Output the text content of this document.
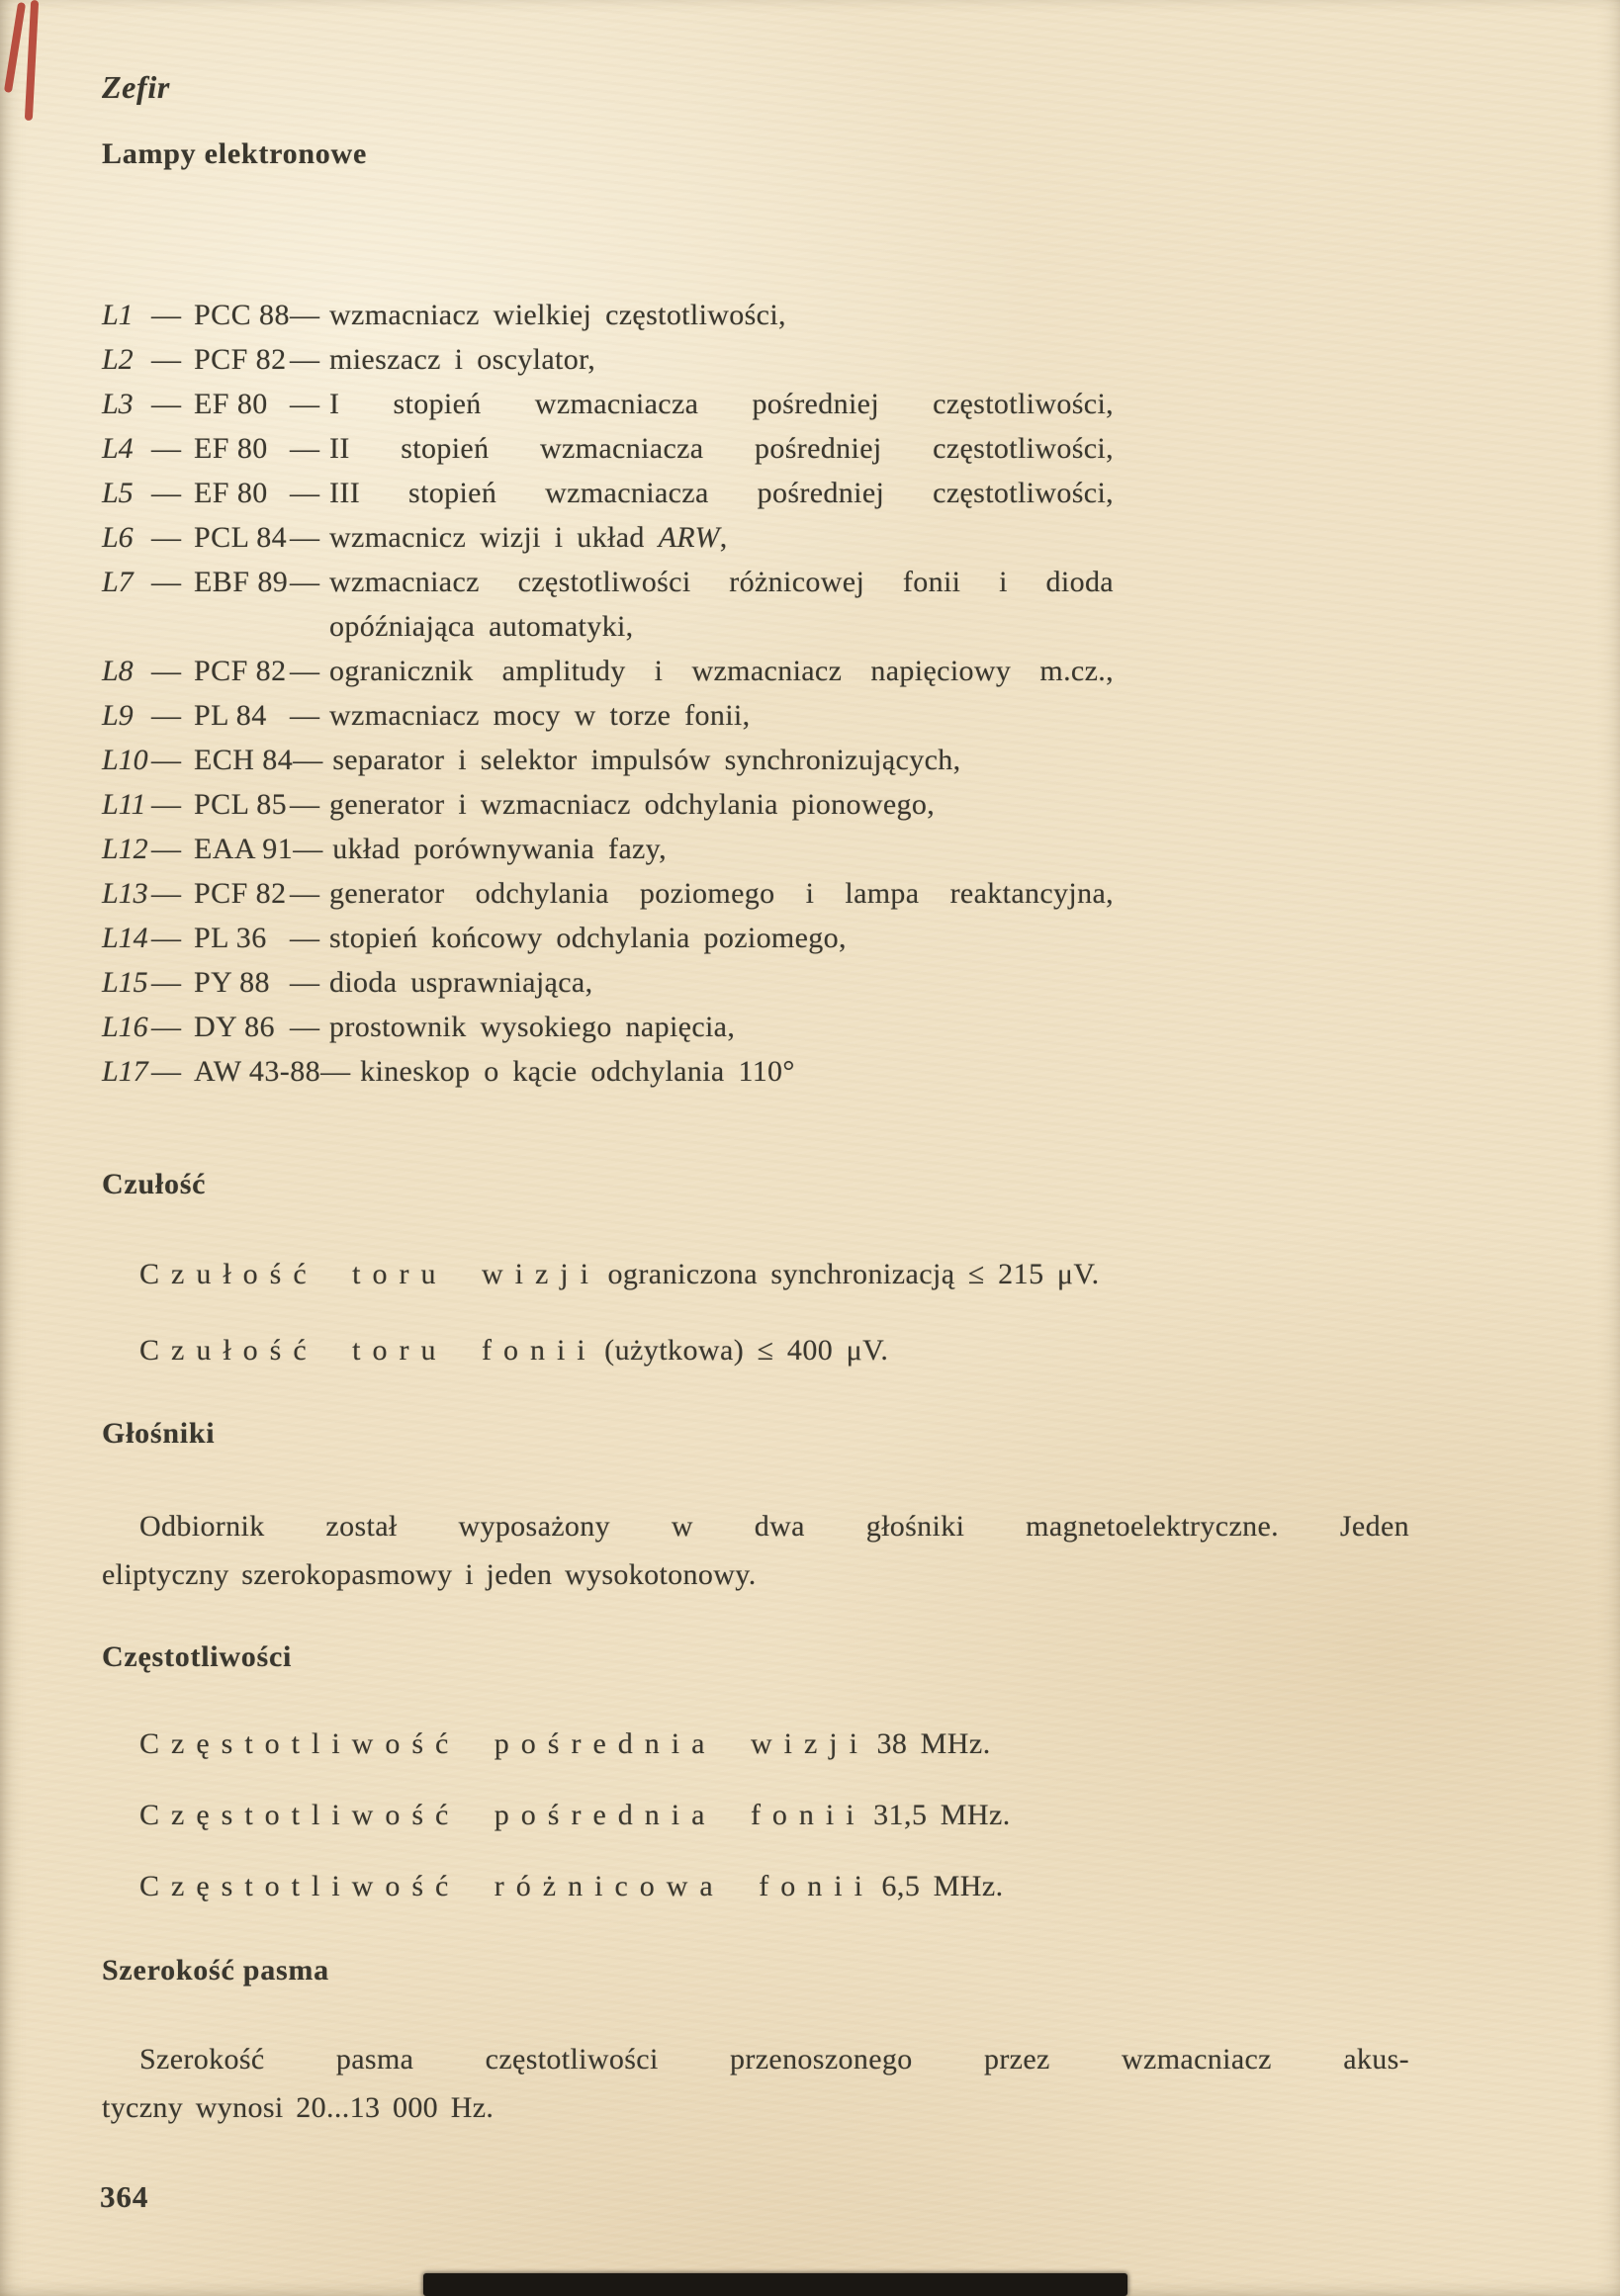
Zefir
Lampy elektronowe
L1 — PCC 88 — wzmacniacz wielkiej częstotliwości,
L2 — PCF 82 — mieszacz i oscylator,
L3 — EF 80 — I stopień wzmacniacza pośredniej częstotliwości,
L4 — EF 80 — II stopień wzmacniacza pośredniej częstotliwości,
L5 — EF 80 — III stopień wzmacniacza pośredniej częstotliwości,
L6 — PCL 84 — wzmacnicz wizji i układ ARW,
L7 — EBF 89 — wzmacniacz częstotliwości różnicowej fonii i dioda
opóźniająca automatyki,
L8 — PCF 82 — ogranicznik amplitudy i wzmacniacz napięciowy m.cz.,
L9 — PL 84 — wzmacniacz mocy w torze fonii,
L10 — ECH 84 — separator i selektor impulsów synchronizujących,
L11 — PCL 85 — generator i wzmacniacz odchylania pionowego,
L12 — EAA 91 — układ porównywania fazy,
L13 — PCF 82 — generator odchylania poziomego i lampa reaktancyjna,
L14 — PL 36 — stopień końcowy odchylania poziomego,
L15 — PY 88 — dioda usprawniająca,
L16 — DY 86 — prostownik wysokiego napięcia,
L17 — AW 43-88 — kineskop o kącie odchylania 110°
Czułość
Czułość toru wizji ograniczona synchronizacją ≤ 215 μV.
Czułość toru fonii (użytkowa) ≤ 400 μV.
Głośniki
Odbiornik został wyposażony w dwa głośniki magnetoelektryczne. Jeden
eliptyczny szerokopasmowy i jeden wysokotonowy.
Częstotliwości
Częstotliwość pośrednia wizji 38 MHz.
Częstotliwość pośrednia fonii 31,5 MHz.
Częstotliwość różnicowa fonii 6,5 MHz.
Szerokość pasma
Szerokość pasma częstotliwości przenoszonego przez wzmacniacz akus-
tyczny wynosi 20...13 000 Hz.
364
